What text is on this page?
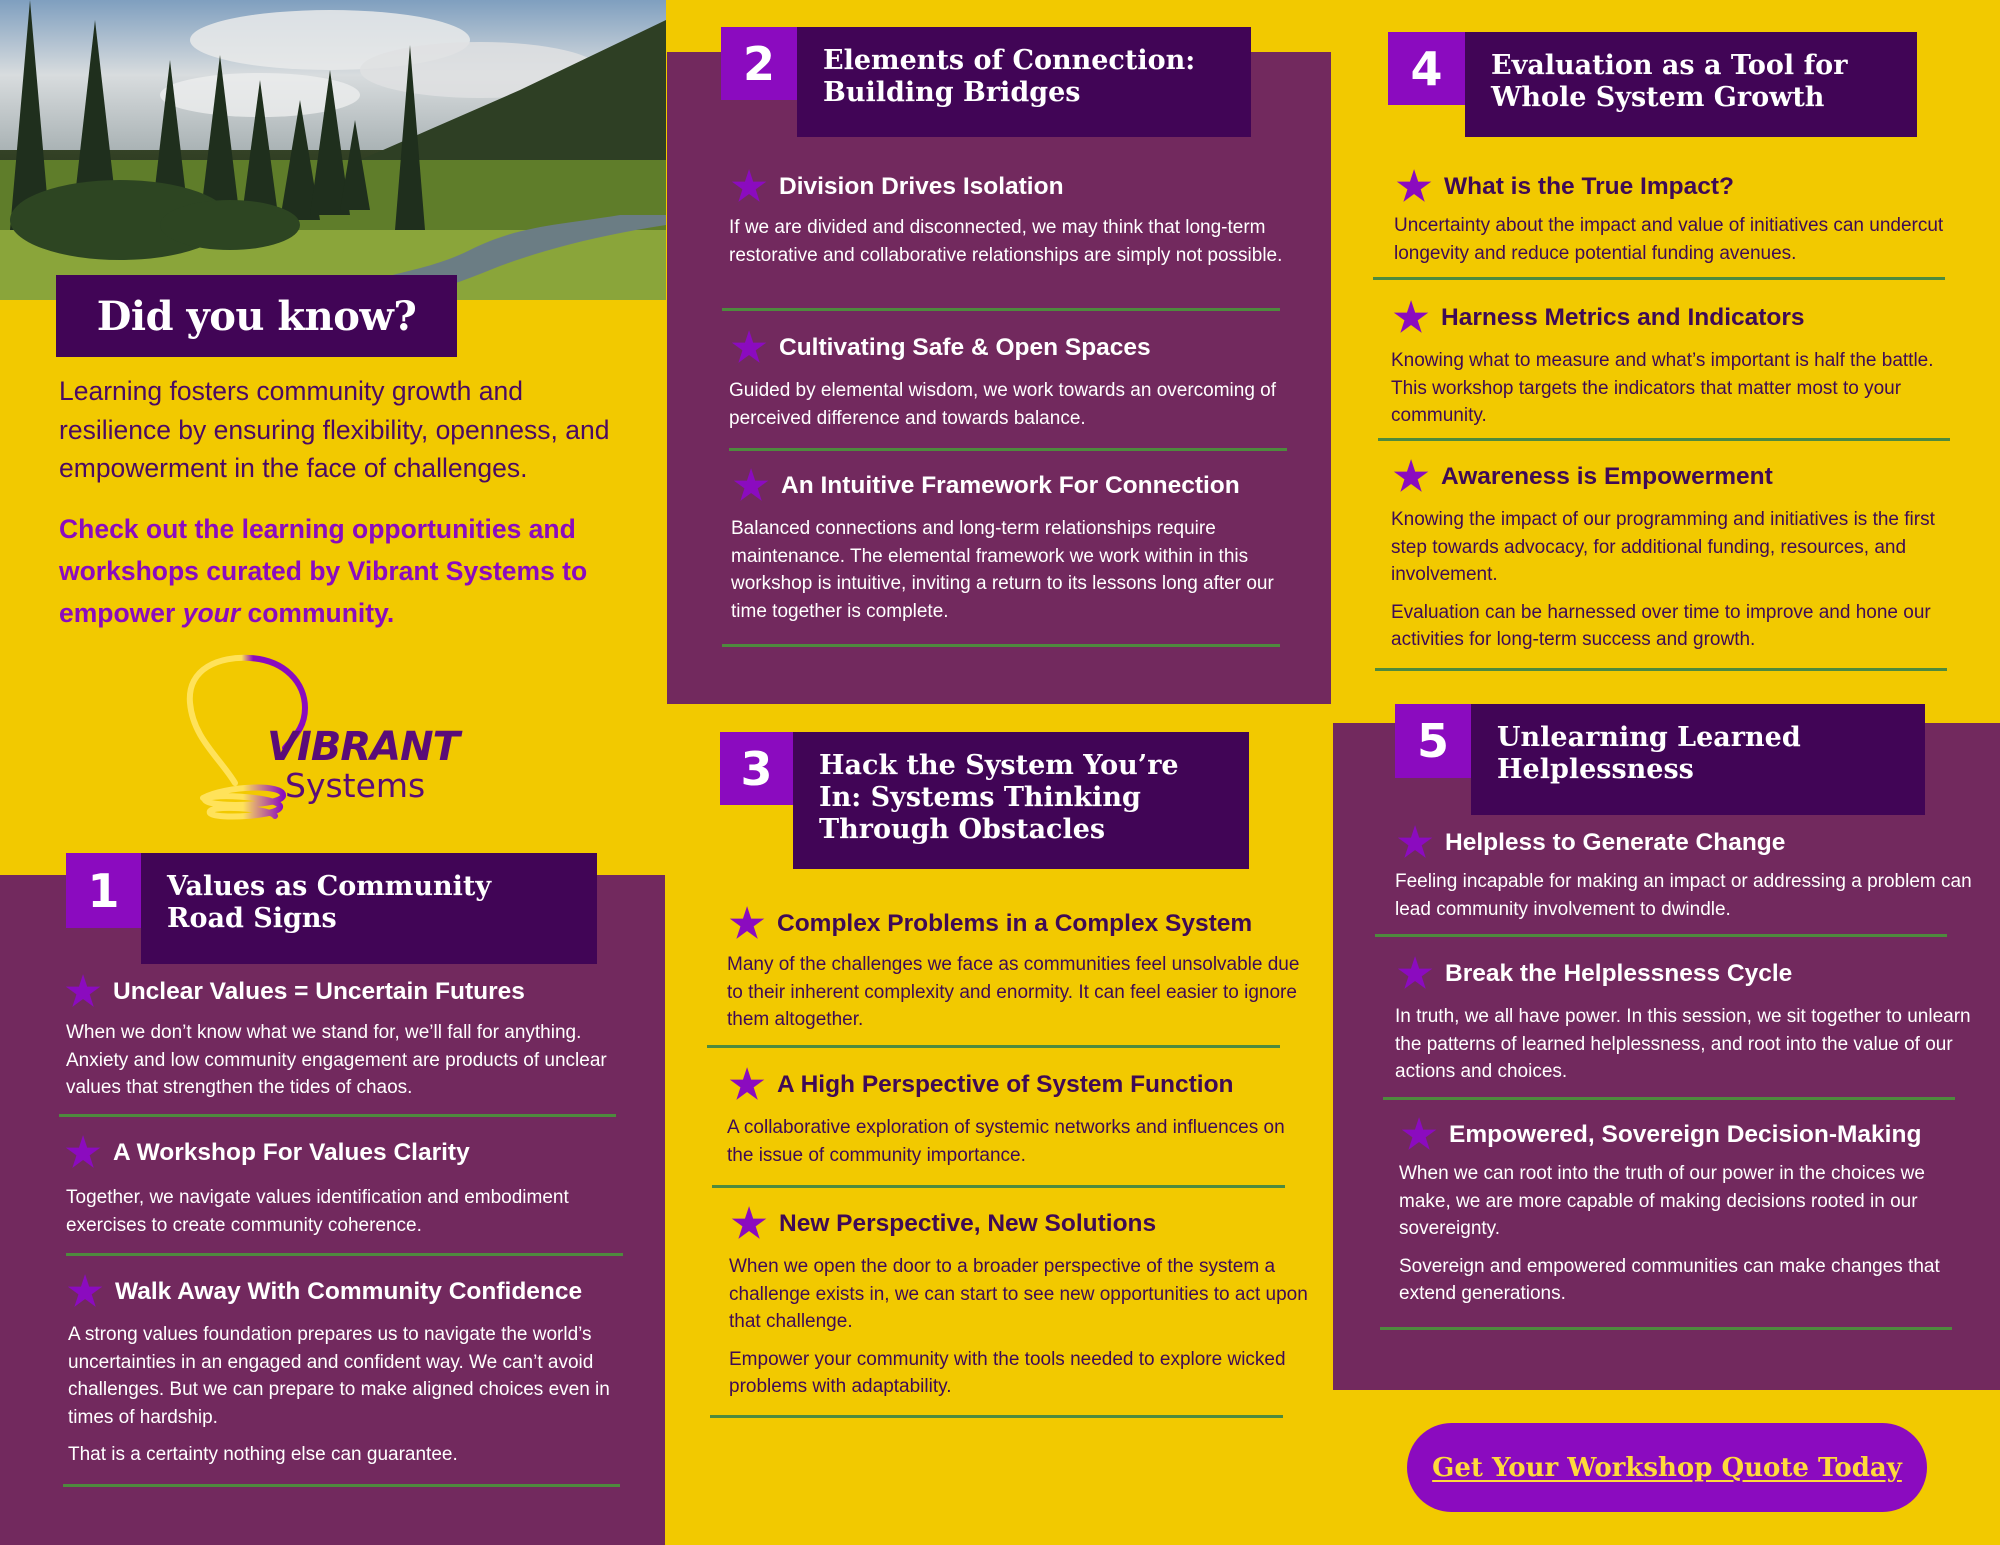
Did you know?

Learning fosters community growth and resilience by ensuring flexibility, openness, and empowerment in the face of challenges.

Check out the learning opportunities and workshops curated by Vibrant Systems to empower your community.

VIBRANT
Systems
1	Values as Community Road Signs
★ Unclear Values = Uncertain Futures

When we don’t know what we stand for, we’ll fall for anything. Anxiety and low community engagement are products of unclear values that strengthen the tides of chaos.

★ A Workshop For Values Clarity

Together, we navigate values identification and embodiment exercises to create community coherence.

★ Walk Away With Community Confidence

A strong values foundation prepares us to navigate the world’s uncertainties in an engaged and confident way. We can’t avoid challenges. But we can prepare to make aligned choices even in times of hardship.

That is a certainty nothing else can guarantee.

2	Elements of Connection: Building Bridges
★ Division Drives Isolation

If we are divided and disconnected, we may think that long-term restorative and collaborative relationships are simply not possible.

★ Cultivating Safe & Open Spaces

Guided by elemental wisdom, we work towards an overcoming of perceived difference and towards balance.

★ An Intuitive Framework For Connection

Balanced connections and long-term relationships require maintenance. The elemental framework we work within in this workshop is intuitive, inviting a return to its lessons long after our time together is complete.

3	Hack the System You’re In: Systems Thinking Through Obstacles
★ Complex Problems in a Complex System

Many of the challenges we face as communities feel unsolvable due to their inherent complexity and enormity. It can feel easier to ignore them altogether.

★ A High Perspective of System Function

A collaborative exploration of systemic networks and influences on the issue of community importance.

★ New Perspective, New Solutions

When we open the door to a broader perspective of the system a challenge exists in, we can start to see new opportunities to act upon that challenge.

Empower your community with the tools needed to explore wicked problems with adaptability.

4	Evaluation as a Tool for Whole System Growth
★ What is the True Impact?

Uncertainty about the impact and value of initiatives can undercut longevity and reduce potential funding avenues.

★ Harness Metrics and Indicators

Knowing what to measure and what’s important is half the battle. This workshop targets the indicators that matter most to your community.

★ Awareness is Empowerment

Knowing the impact of our programming and initiatives is the first step towards advocacy, for additional funding, resources, and involvement.

Evaluation can be harnessed over time to improve and hone our activities for long-term success and growth.

5	Unlearning Learned Helplessness
★ Helpless to Generate Change

Feeling incapable for making an impact or addressing a problem can lead community involvement to dwindle.

★ Break the Helplessness Cycle

In truth, we all have power. In this session, we sit together to unlearn the patterns of learned helplessness, and root into the value of our actions and choices.

★ Empowered, Sovereign Decision-Making

When we can root into the truth of our power in the choices we make, we are more capable of making decisions rooted in our sovereignty.

Sovereign and empowered communities can make changes that extend generations.

Get Your Workshop Quote Today
